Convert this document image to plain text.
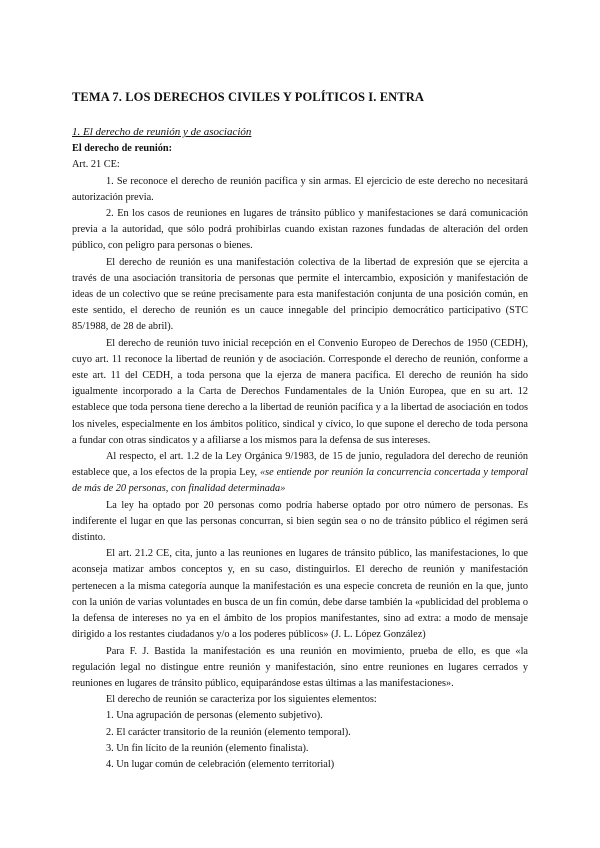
TEMA 7. LOS DERECHOS CIVILES Y POLÍTICOS I. ENTRA
1. El derecho de reunión y de asociación
El derecho de reunión:
Art. 21 CE:
1. Se reconoce el derecho de reunión pacífica y sin armas. El ejercicio de este derecho no necesitará autorización previa.
2. En los casos de reuniones en lugares de tránsito público y manifestaciones se dará comunicación previa a la autoridad, que sólo podrá prohibirlas cuando existan razones fundadas de alteración del orden público, con peligro para personas o bienes.
El derecho de reunión es una manifestación colectiva de la libertad de expresión que se ejercita a través de una asociación transitoria de personas que permite el intercambio, exposición y manifestación de ideas de un colectivo que se reúne precisamente para esta manifestación conjunta de una posición común, en este sentido, el derecho de reunión es un cauce innegable del principio democrático participativo (STC 85/1988, de 28 de abril).
El derecho de reunión tuvo inicial recepción en el Convenio Europeo de Derechos de 1950 (CEDH), cuyo art. 11 reconoce la libertad de reunión y de asociación. Corresponde el derecho de reunión, conforme a este art. 11 del CEDH, a toda persona que la ejerza de manera pacífica. El derecho de reunión ha sido igualmente incorporado a la Carta de Derechos Fundamentales de la Unión Europea, que en su art. 12 establece que toda persona tiene derecho a la libertad de reunión pacífica y a la libertad de asociación en todos los niveles, especialmente en los ámbitos político, sindical y cívico, lo que supone el derecho de toda persona a fundar con otras sindicatos y a afiliarse a los mismos para la defensa de sus intereses.
Al respecto, el art. 1.2 de la Ley Orgánica 9/1983, de 15 de junio, reguladora del derecho de reunión establece que, a los efectos de la propia Ley, «se entiende por reunión la concurrencia concertada y temporal de más de 20 personas, con finalidad determinada»
La ley ha optado por 20 personas como podría haberse optado por otro número de personas. Es indiferente el lugar en que las personas concurran, si bien según sea o no de tránsito público el régimen será distinto.
El art. 21.2 CE, cita, junto a las reuniones en lugares de tránsito público, las manifestaciones, lo que aconseja matizar ambos conceptos y, en su caso, distinguirlos. El derecho de reunión y manifestación pertenecen a la misma categoría aunque la manifestación es una especie concreta de reunión en la que, junto con la unión de varias voluntades en busca de un fin común, debe darse también la «publicidad del problema o la defensa de intereses no ya en el ámbito de los propios manifestantes, sino ad extra: a modo de mensaje dirigido a los restantes ciudadanos y/o a los poderes públicos» (J. L. López González)
Para F. J. Bastida la manifestación es una reunión en movimiento, prueba de ello, es que «la regulación legal no distingue entre reunión y manifestación, sino entre reuniones en lugares cerrados y reuniones en lugares de tránsito público, equiparándose estas últimas a las manifestaciones».
El derecho de reunión se caracteriza por los siguientes elementos:
1. Una agrupación de personas (elemento subjetivo).
2. El carácter transitorio de la reunión (elemento temporal).
3. Un fin lícito de la reunión (elemento finalista).
4. Un lugar común de celebración (elemento territorial)
